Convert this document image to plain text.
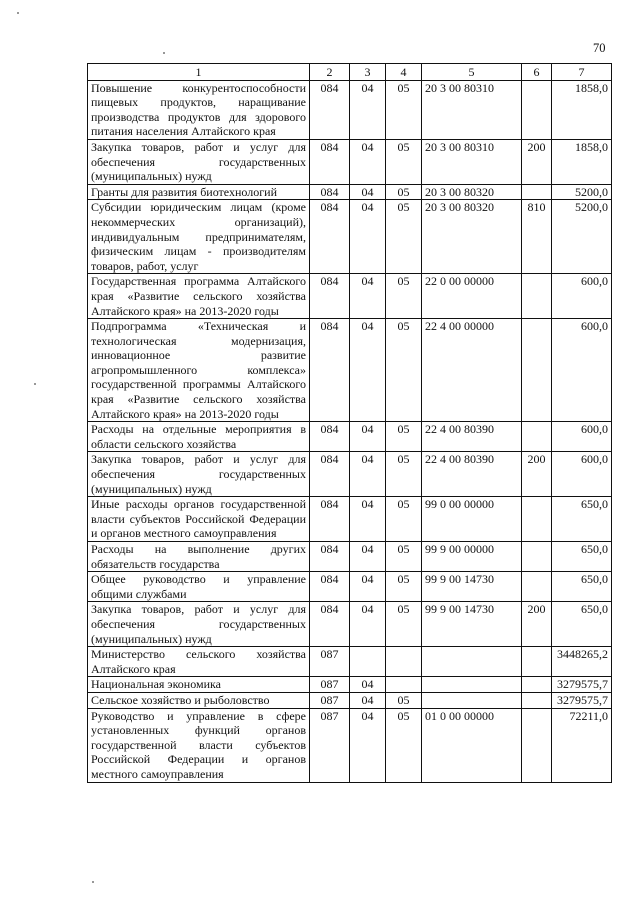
70
1	2	3	4	5	6	7
Повышение конкурентоспособности пищевых продуктов, наращивание производства продуктов для здорового питания населения Алтайского края	084	04	05	20 3 00 80310		1858,0
Закупка товаров, работ и услуг для обеспечения государственных (муниципальных) нужд	084	04	05	20 3 00 80310	200	1858,0
Гранты для развития биотехнологий	084	04	05	20 3 00 80320		5200,0
Субсидии юридическим лицам (кроме некоммерческих организаций), индивидуальным предпринимателям, физическим лицам - производителям товаров, работ, услуг	084	04	05	20 3 00 80320	810	5200,0
Государственная программа Алтайского края «Развитие сельского хозяйства Алтайского края» на 2013-2020 годы	084	04	05	22 0 00 00000		600,0
Подпрограмма «Техническая и технологическая модернизация, инновационное развитие агропромышленного комплекса» государственной программы Алтайского края «Развитие сельского хозяйства Алтайского края» на 2013-2020 годы	084	04	05	22 4 00 00000		600,0
Расходы на отдельные мероприятия в области сельского хозяйства	084	04	05	22 4 00 80390		600,0
Закупка товаров, работ и услуг для обеспечения государственных (муниципальных) нужд	084	04	05	22 4 00 80390	200	600,0
Иные расходы органов государственной власти субъектов Российской Федерации и органов местного самоуправления	084	04	05	99 0 00 00000		650,0
Расходы на выполнение других обязательств государства	084	04	05	99 9 00 00000		650,0
Общее руководство и управление общими службами	084	04	05	99 9 00 14730		650,0
Закупка товаров, работ и услуг для обеспечения государственных (муниципальных) нужд	084	04	05	99 9 00 14730	200	650,0
Министерство сельского хозяйства Алтайского края	087					3448265,2
Национальная экономика	087	04				3279575,7
Сельское хозяйство и рыболовство	087	04	05			3279575,7
Руководство и управление в сфере установленных функций органов государственной власти субъектов Российской Федерации и органов местного самоуправления	087	04	05	01 0 00 00000		72211,0
